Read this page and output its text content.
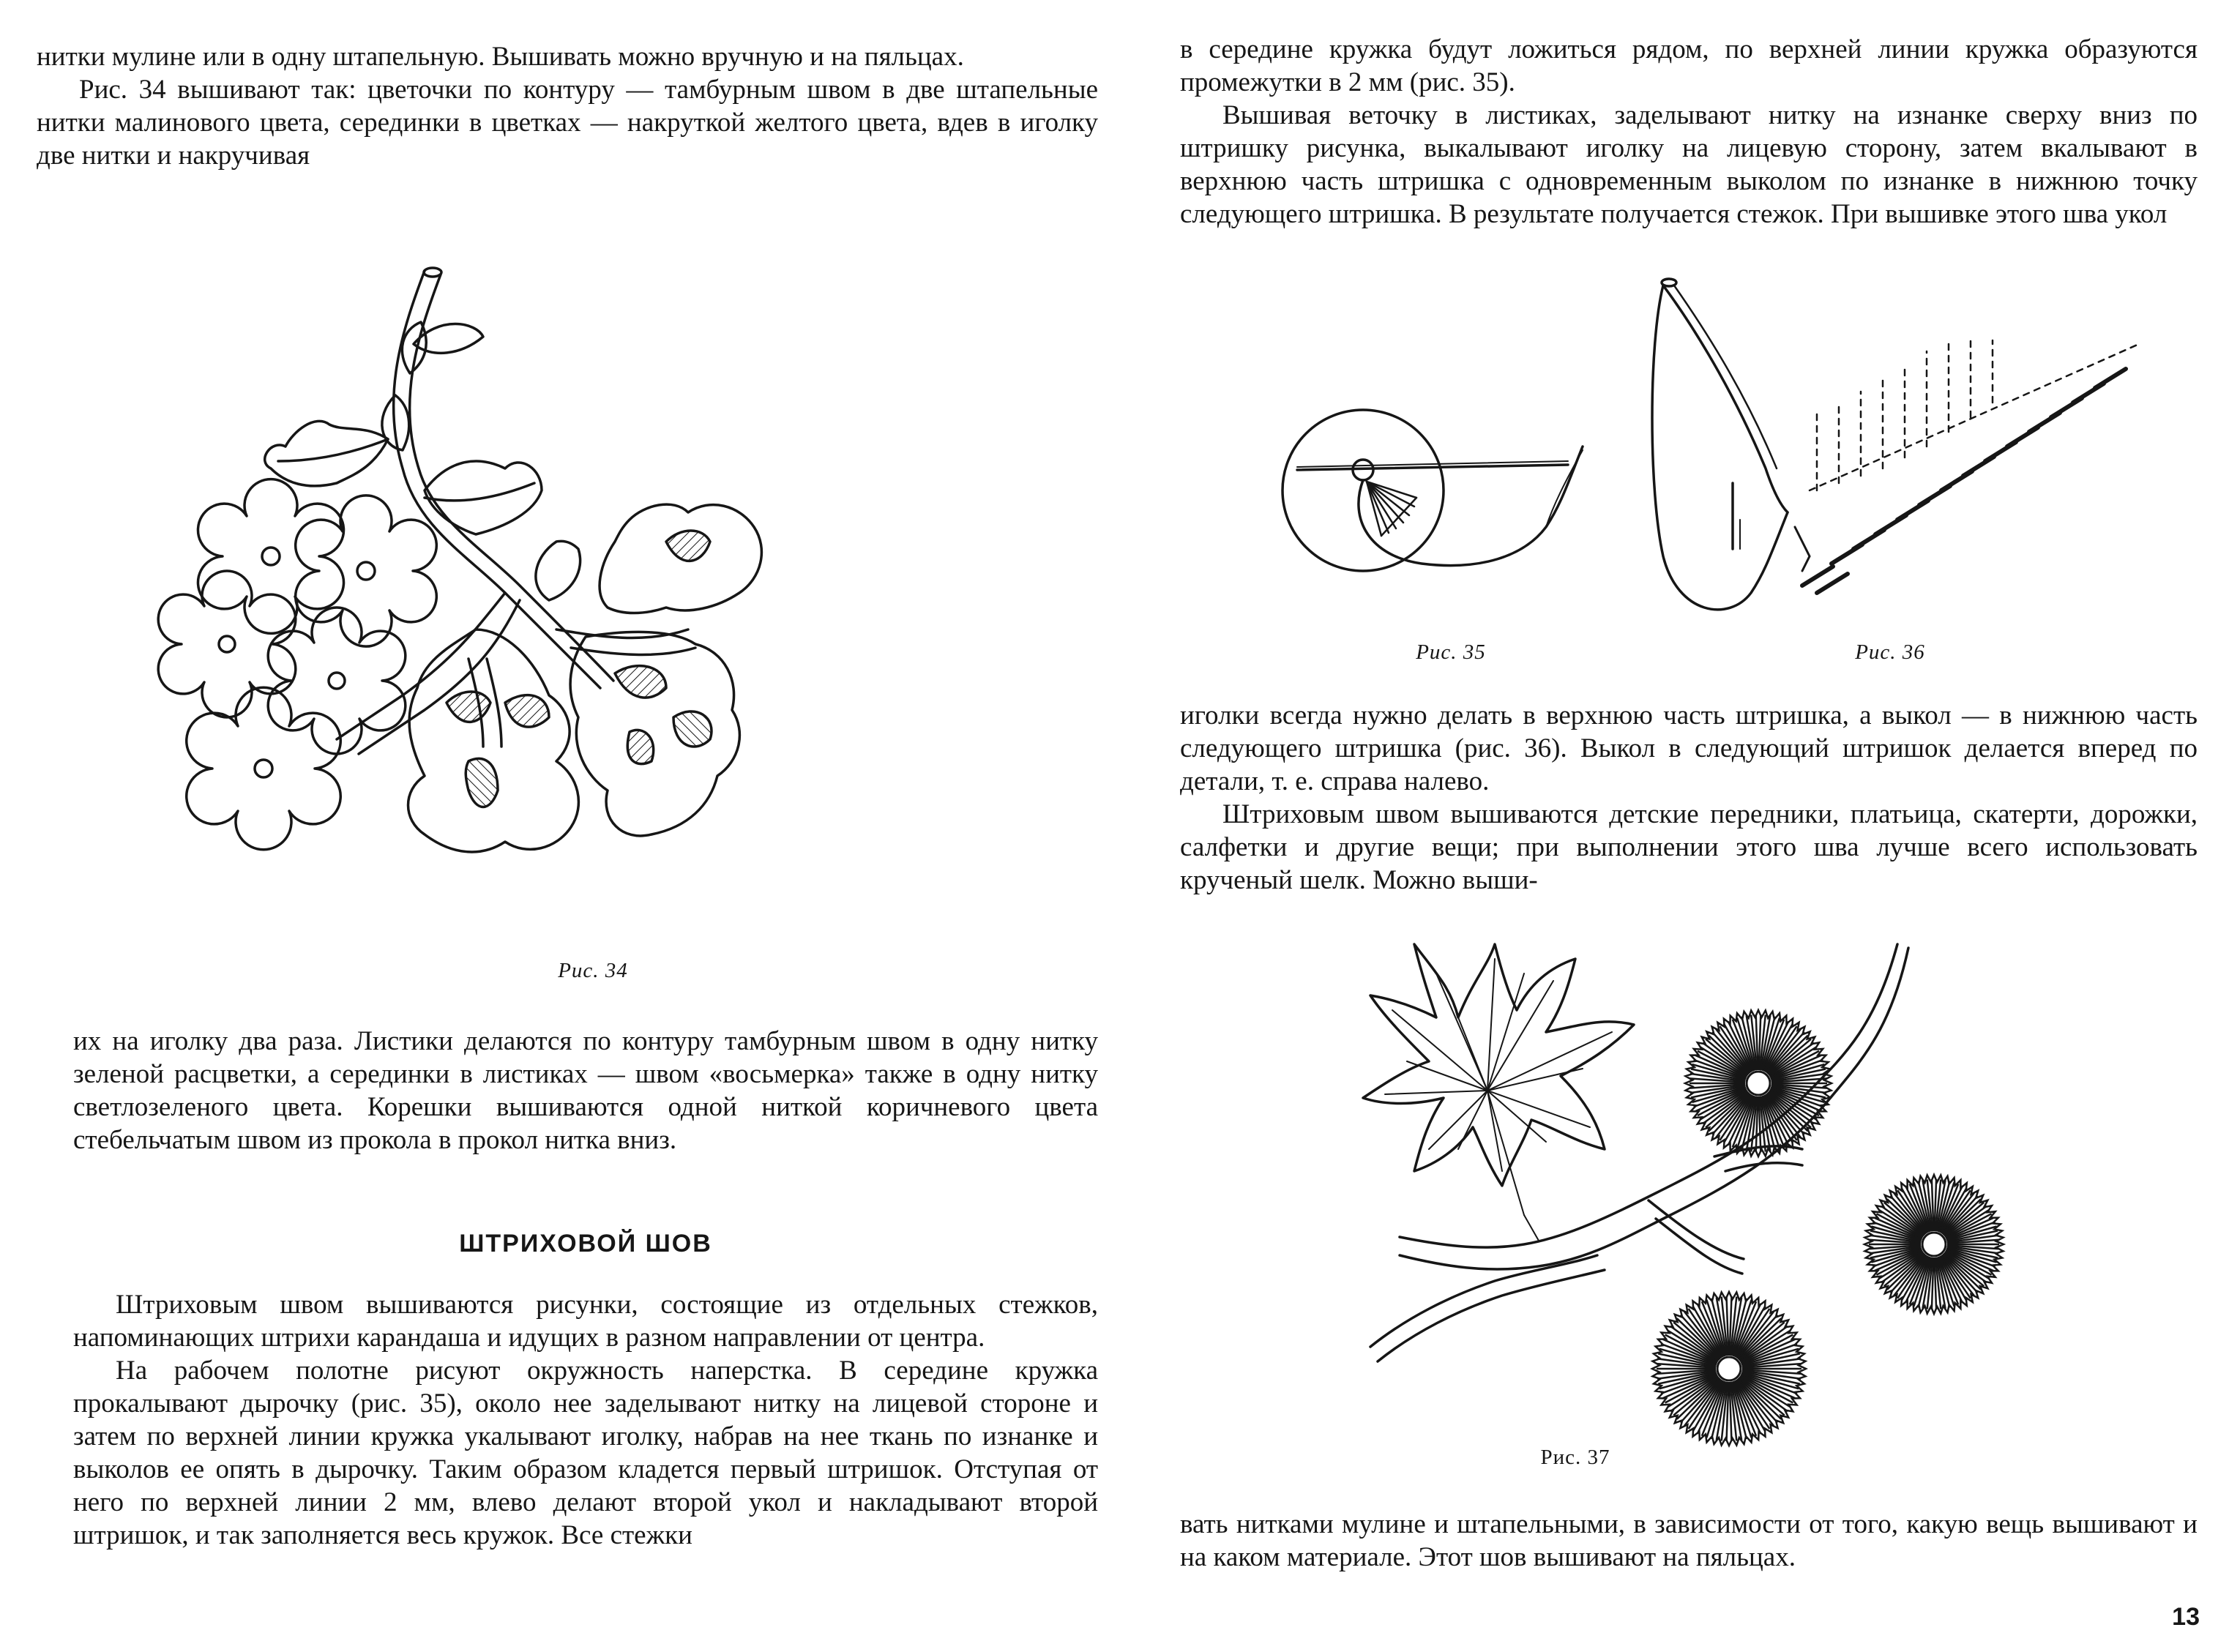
нитки мулине или в одну штапельную. Вышивать можно вручную и на пяльцах.

Рис. 34 вышивают так: цветочки по контуру — тамбурным швом в две штапельные нитки малинового цвета, серединки в цветках — накруткой желтого цвета, вдев в иголку две нитки и накручивая

Рис. 34

их на иголку два раза. Листики делаются по контуру тамбурным швом в одну нитку зеленой расцветки, а серединки в листиках — швом «восьмерка» также в одну нитку светлозеленого цвета. Корешки вышиваются одной ниткой коричневого цвета стебельчатым швом из прокола в прокол нитка вниз.

ШТРИХОВОЙ ШОВ

Штриховым швом вышиваются рисунки, состоящие из отдельных стежков, напоминающих штрихи карандаша и идущих в разном направлении от центра.

На рабочем полотне рисуют окружность наперстка. В середине кружка прокалывают дырочку (рис. 35), около нее заделывают нитку на лицевой стороне и затем по верхней линии кружка укалывают иголку, набрав на нее ткань по изнанке и выколов ее опять в дырочку. Таким образом кладется первый штришок. Отступая от него по верхней линии 2 мм, влево делают второй укол и накладывают второй штришок, и так заполняется весь кружок. Все стежки

в середине кружка будут ложиться рядом, по верхней линии кружка образуются промежутки в 2 мм (рис. 35).

Вышивая веточку в листиках, заделывают нитку на изнанке сверху вниз по штришку рисунка, выкалывают иголку на лицевую сторону, затем вкалывают в верхнюю часть штришка с одновременным выколом по изнанке в нижнюю точку следующего штришка. В результате получается стежок. При вышивке этого шва укол

Рис. 35	Рис. 36

иголки всегда нужно делать в верхнюю часть штришка, а выкол — в нижнюю часть следующего штришка (рис. 36). Выкол в следующий штришок делается вперед по детали, т. е. справа налево.

Штриховым швом вышиваются детские передники, платьица, скатерти, дорожки, салфетки и другие вещи; при выполнении этого шва лучше всего использовать крученый шелк. Можно выши-

Рис. 37

вать нитками мулине и штапельными, в зависимости от того, какую вещь вышивают и на каком материале. Этот шов вышивают на пяльцах.

13
